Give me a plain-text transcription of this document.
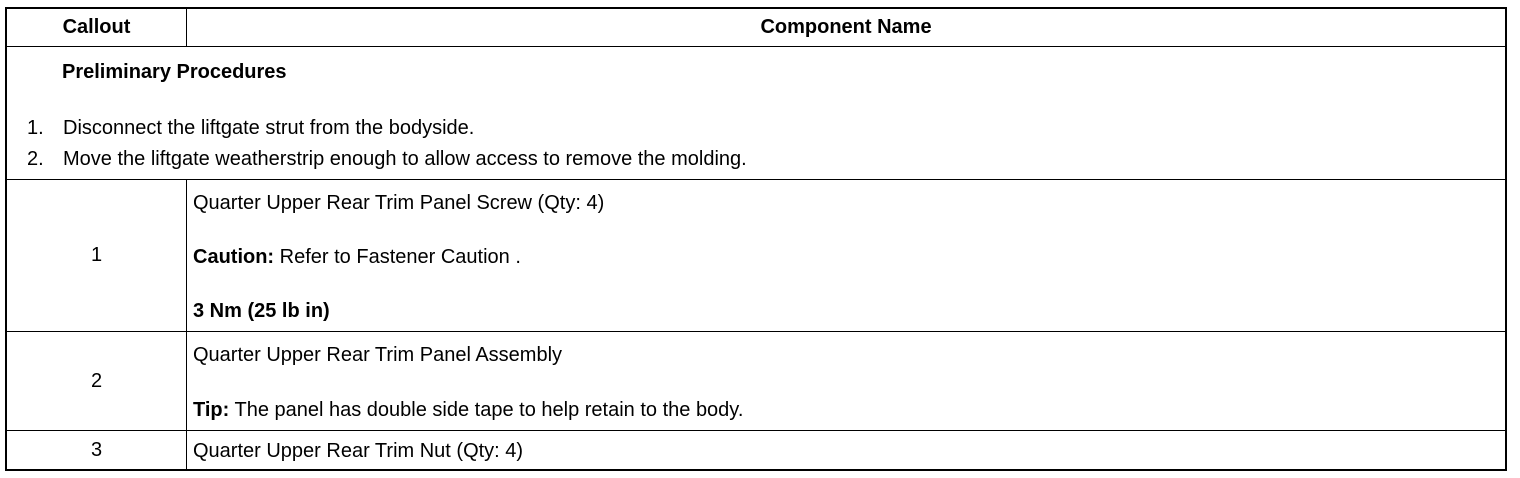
Callout	Component Name
Preliminary Procedures
1. Disconnect the liftgate strut from the bodyside.
2. Move the liftgate weatherstrip enough to allow access to remove the molding.
1
Quarter Upper Rear Trim Panel Screw (Qty: 4)
Caution: Refer to Fastener Caution .
3 Nm (25 lb in)
2
Quarter Upper Rear Trim Panel Assembly
Tip: The panel has double side tape to help retain to the body.
3	Quarter Upper Rear Trim Nut (Qty: 4)
